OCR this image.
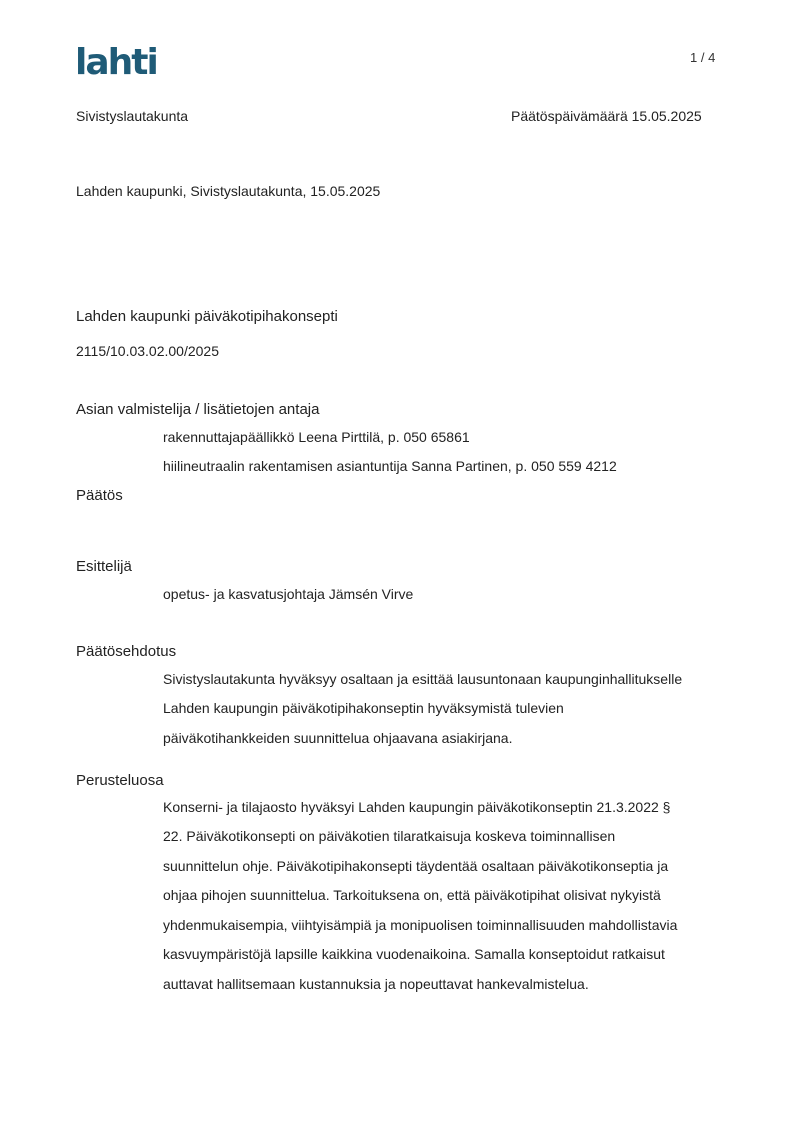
lahti	1 / 4
Sivistyslautakunta	Päätöspäivämäärä 15.05.2025
Lahden kaupunki, Sivistyslautakunta, 15.05.2025
Lahden kaupunki päiväkotipihakonsepti
2115/10.03.02.00/2025
Asian valmistelija / lisätietojen antaja
rakennuttajapäällikkö Leena Pirttilä, p. 050 65861
hiilineutraalin rakentamisen asiantuntija Sanna Partinen, p. 050 559 4212
Päätös
Esittelijä
opetus- ja kasvatusjohtaja Jämsén Virve
Päätösehdotus
Sivistyslautakunta hyväksyy osaltaan ja esittää lausuntonaan kaupunginhallitukselle
Lahden kaupungin päiväkotipihakonseptin hyväksymistä tulevien
päiväkotihankkeiden suunnittelua ohjaavana asiakirjana.
Perusteluosa
Konserni- ja tilajaosto hyväksyi Lahden kaupungin päiväkotikonseptin 21.3.2022 §
22. Päiväkotikonsepti on päiväkotien tilaratkaisuja koskeva toiminnallisen
suunnittelun ohje. Päiväkotipihakonsepti täydentää osaltaan päiväkotikonseptia ja
ohjaa pihojen suunnittelua. Tarkoituksena on, että päiväkotipihat olisivat nykyistä
yhdenmukaisempia, viihtyisämpiä ja monipuolisen toiminnallisuuden mahdollistavia
kasvuympäristöjä lapsille kaikkina vuodenaikoina. Samalla konseptoidut ratkaisut
auttavat hallitsemaan kustannuksia ja nopeuttavat hankevalmistelua.
